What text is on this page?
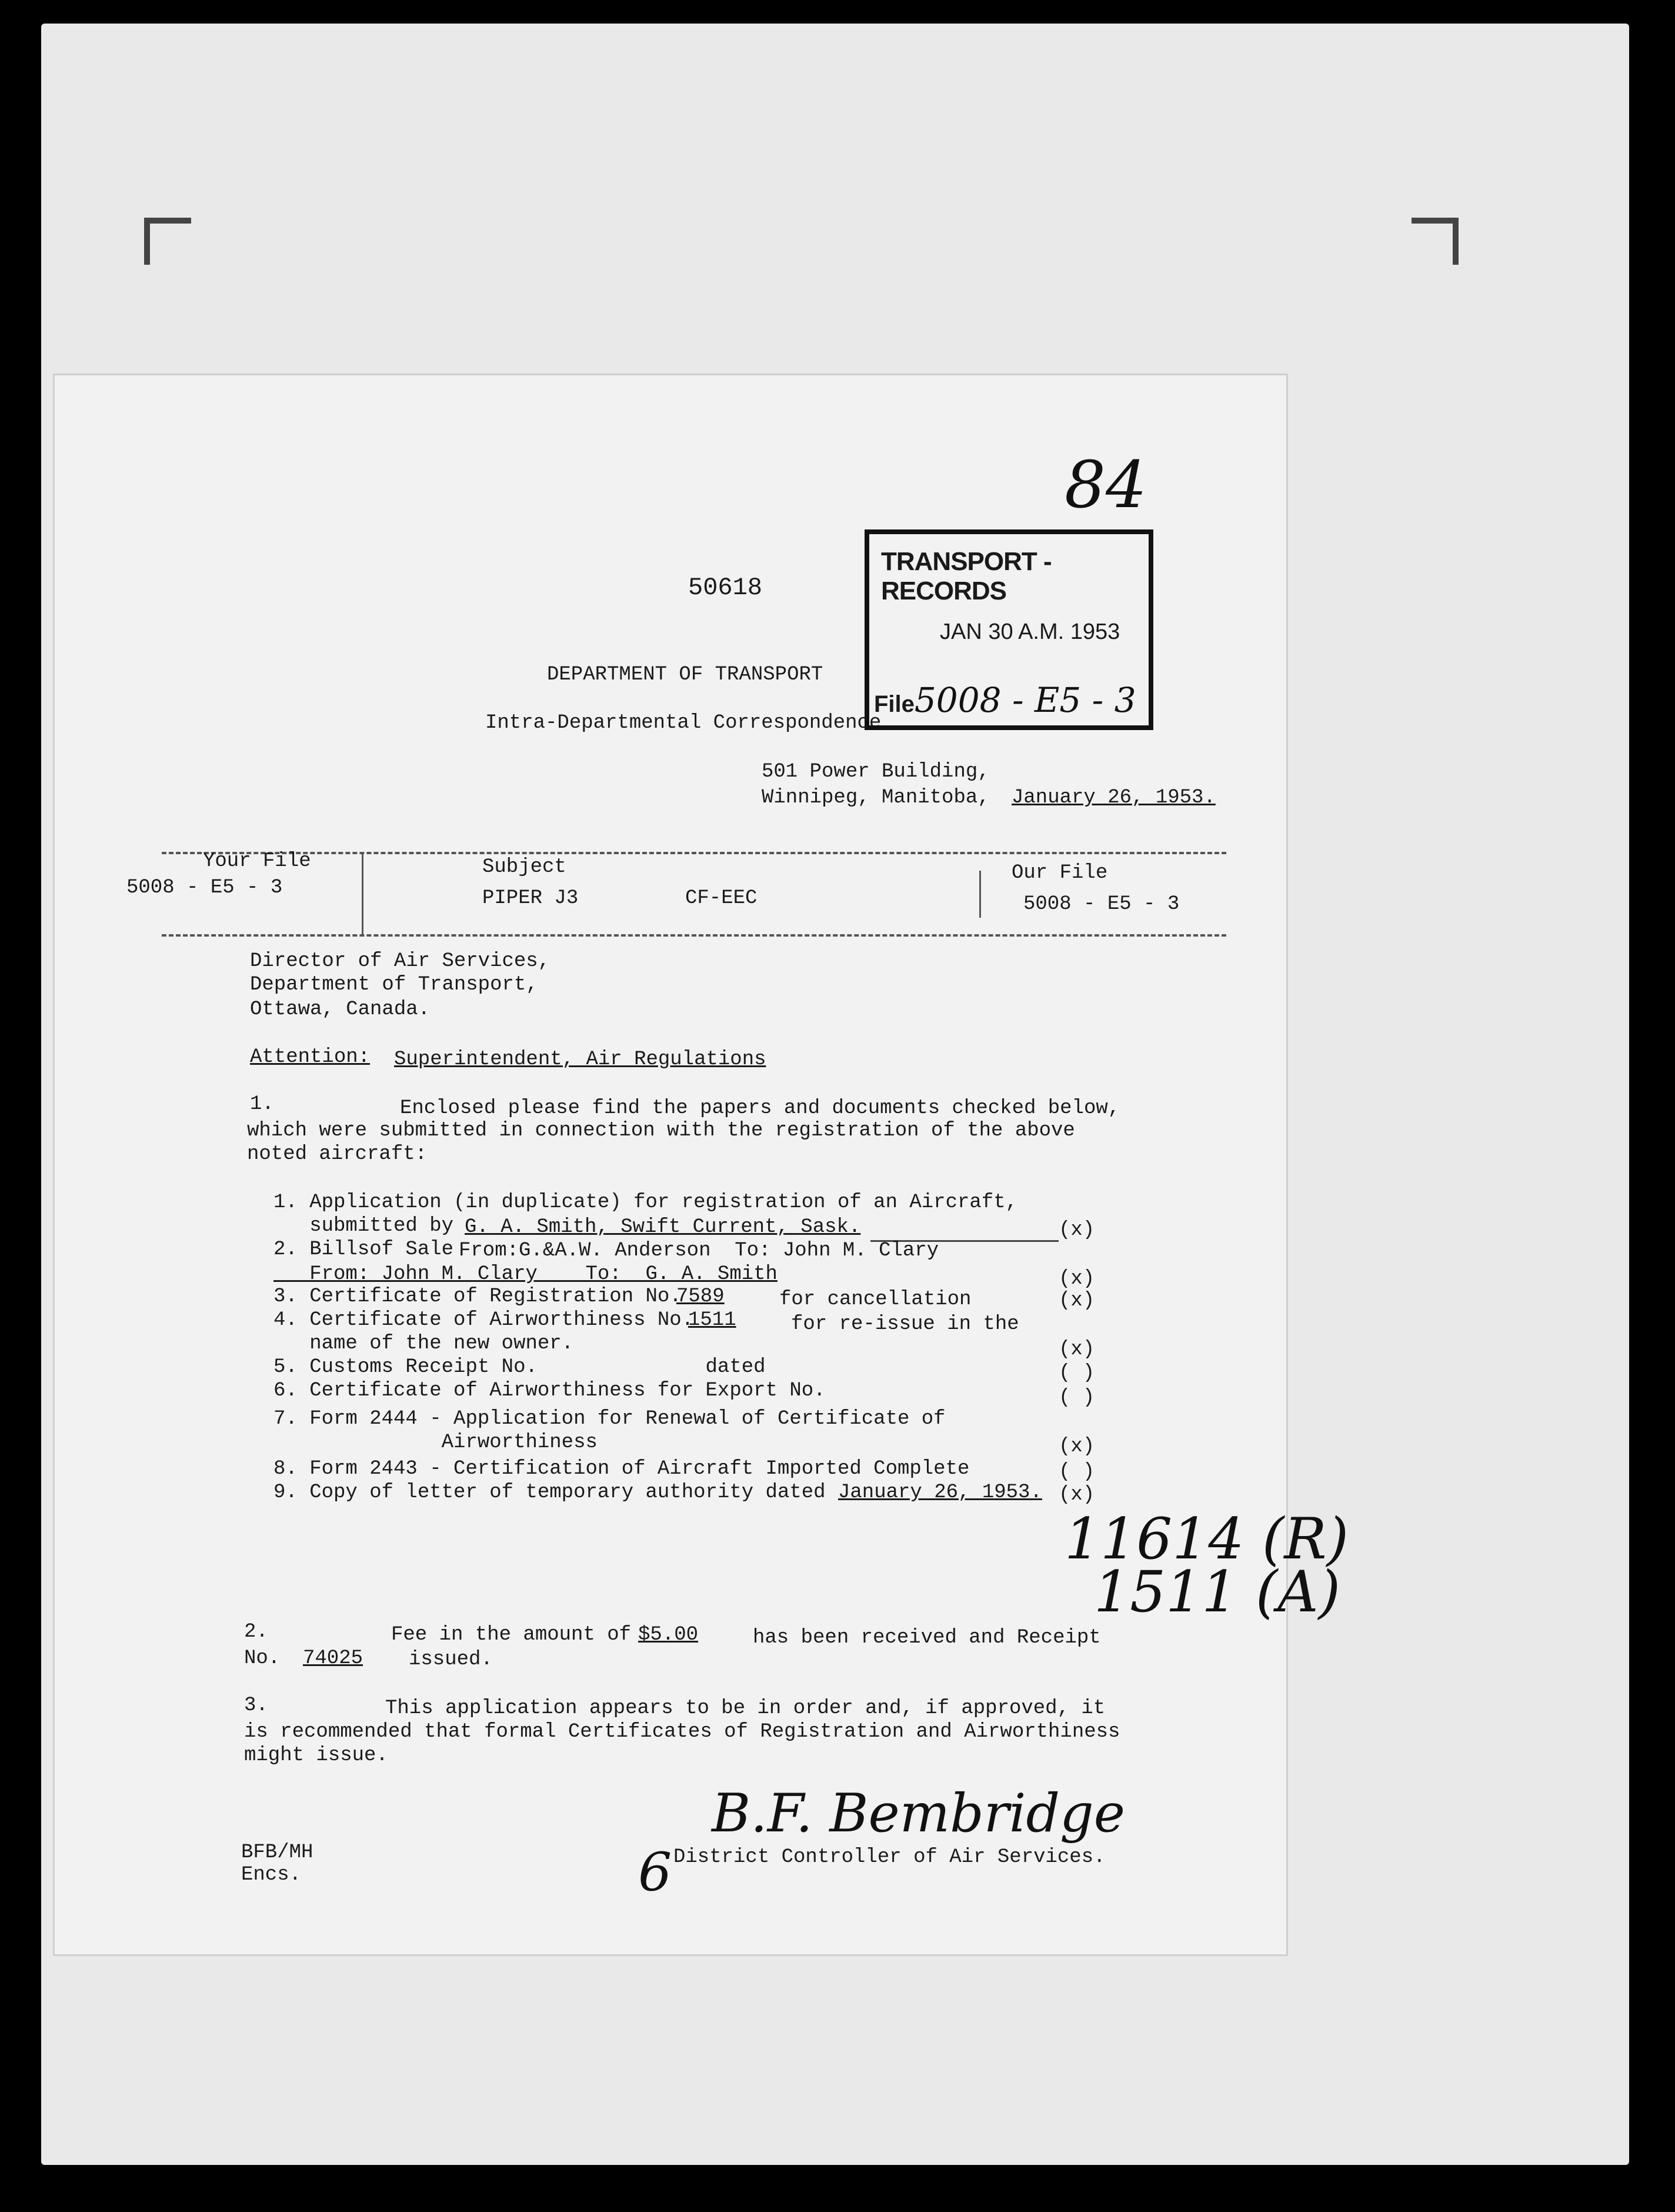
84
50618
DEPARTMENT OF TRANSPORT
Intra-Departmental Correspondence
TRANSPORT - RECORDS
JAN 30 A.M. 1953
File5008 - E5 - 3
501 Power Building,
Winnipeg, Manitoba, January 26, 1953.
Your File
5008 - E5 - 3
Subject
PIPER J3	CF-EEC
Our File
5008 - E5 - 3
Director of Air Services,
Department of Transport,
Ottawa, Canada.
Attention: Superintendent, Air Regulations
1.	Enclosed please find the papers and documents checked below,
which were submitted in connection with the registration of the above
noted aircraft:
1. Application (in duplicate) for registration of an Aircraft,
submitted by G. A. Smith, Swift Current, Sask.	(x)
2. Billsof Sale From:G.&A.W. Anderson  To: John M. Clary
From: John M. Clary    To:  G. A. Smith	(x)
3. Certificate of Registration No.
7589	for cancellation	(x)
4. Certificate of Airworthiness No.
1511	for re-issue in the
name of the new owner.	(x)
5. Customs Receipt No.              dated	( )
6. Certificate of Airworthiness for Export No.	( )
7. Form 2444 - Application for Renewal of Certificate of
Airworthiness	(x)
8. Form 2443 - Certification of Aircraft Imported Complete	( )
9. Copy of letter of temporary authority dated January 26, 1953. (x)
11614 (R)
1511 (A)
2.	Fee in the amount of $5.00	has been received and Receipt
No. 74025 issued.
3.	This application appears to be in order and, if approved, it
is recommended that formal Certificates of Registration and Airworthiness
might issue.
B.F. Bembridge
6
BFB/MH
Encs.
District Controller of Air Services.
